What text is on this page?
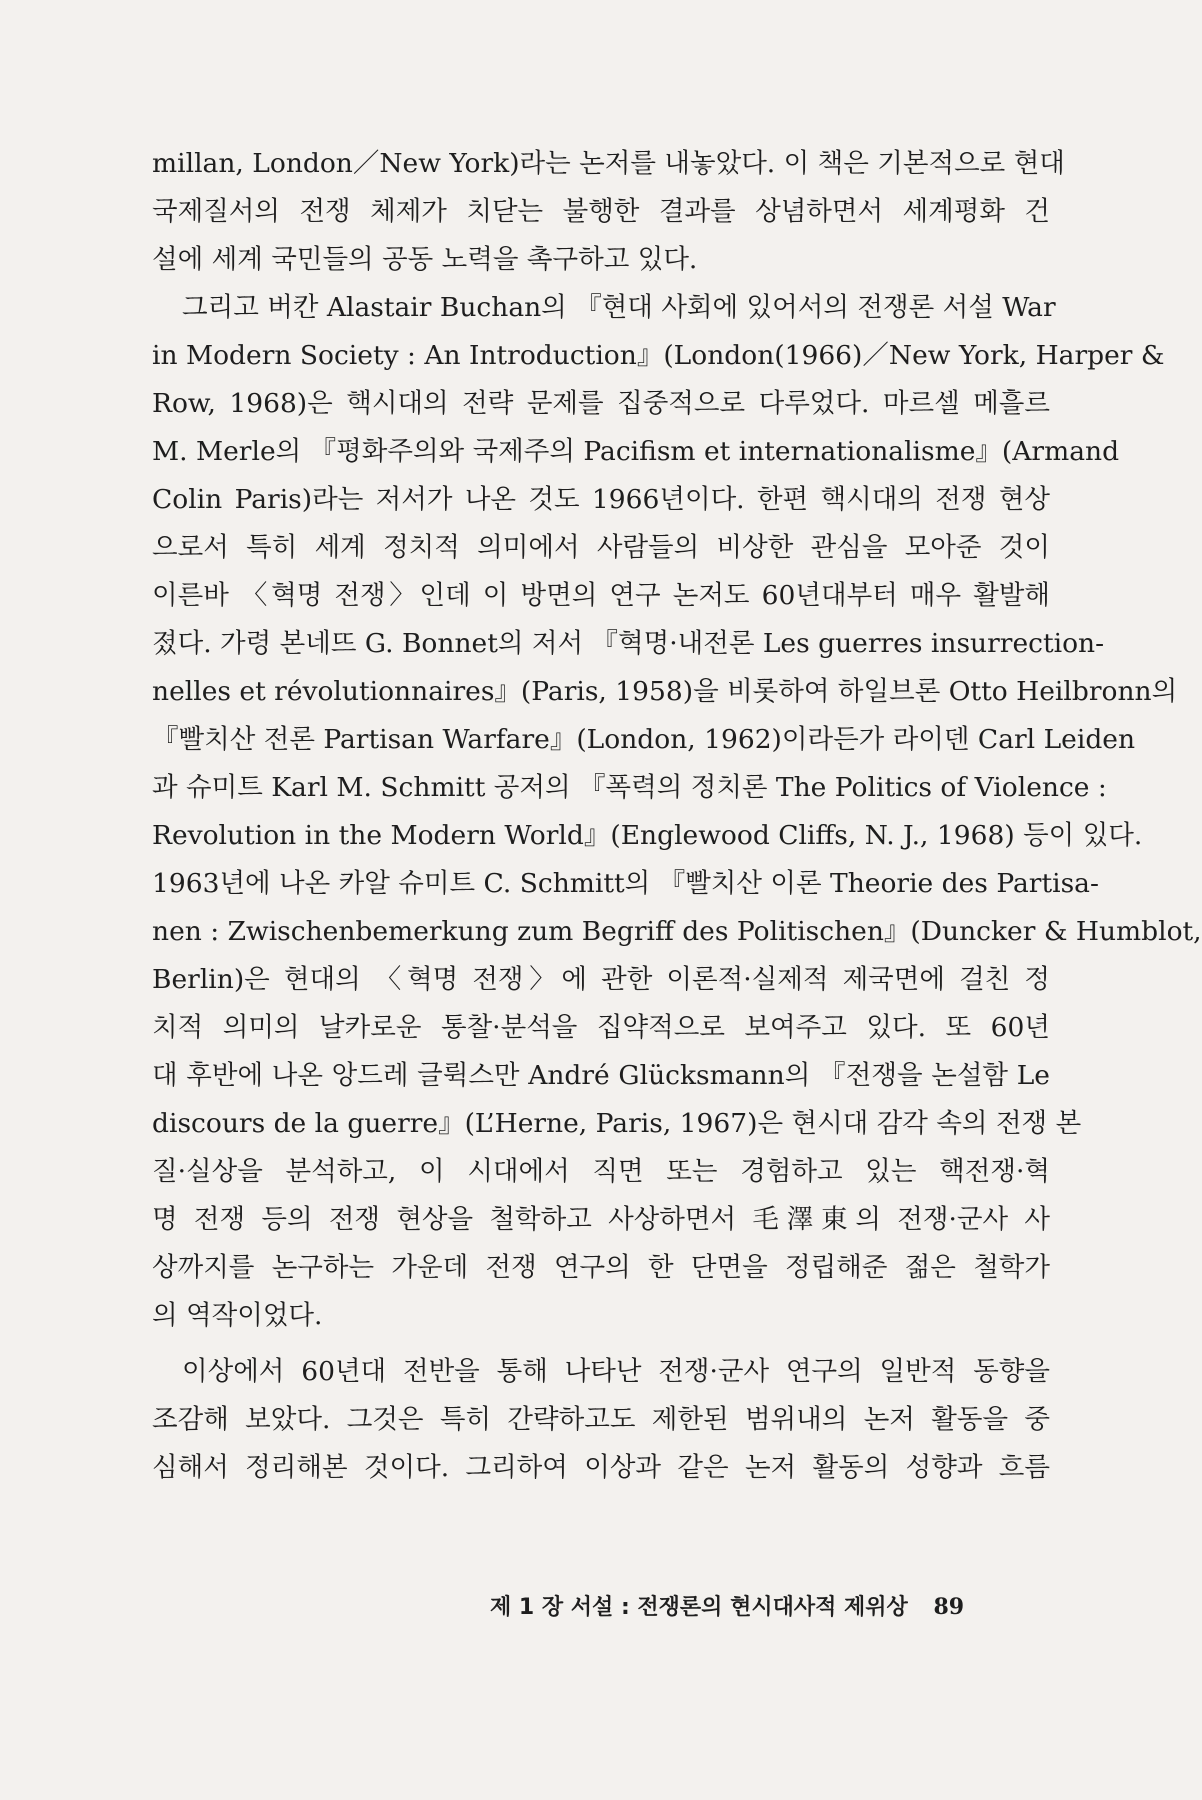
millan, London／New York)라는 논저를 내놓았다. 이 책은 기본적으로 현대
국제질서의 전쟁 체제가 치닫는 불행한 결과를 상념하면서 세계평화 건
설에 세계 국민들의 공동 노력을 촉구하고 있다.
그리고 버칸 Alastair Buchan의 『현대 사회에 있어서의 전쟁론 서설 War
in Modern Society : An Introduction』(London(1966)／New York, Harper &
Row, 1968)은 핵시대의 전략 문제를 집중적으로 다루었다. 마르셀 메흘르
M. Merle의 『평화주의와 국제주의 Pacifism et internationalisme』(Armand
Colin Paris)라는 저서가 나온 것도 1966년이다. 한편 핵시대의 전쟁 현상
으로서 특히 세계 정치적 의미에서 사람들의 비상한 관심을 모아준 것이
이른바 〈혁명 전쟁〉인데 이 방면의 연구 논저도 60년대부터 매우 활발해
졌다. 가령 본네뜨 G. Bonnet의 저서 『혁명·내전론 Les guerres insurrection-
nelles et révolutionnaires』(Paris, 1958)을 비롯하여 하일브론 Otto Heilbronn의
『빨치산 전론 Partisan Warfare』(London, 1962)이라든가 라이덴 Carl Leiden
과 슈미트 Karl M. Schmitt 공저의 『폭력의 정치론 The Politics of Violence :
Revolution in the Modern World』(Englewood Cliffs, N. J., 1968) 등이 있다.
1963년에 나온 카알 슈미트 C. Schmitt의 『빨치산 이론 Theorie des Partisa-
nen : Zwischenbemerkung zum Begriff des Politischen』(Duncker & Humblot,
Berlin)은 현대의 〈혁명 전쟁〉에 관한 이론적·실제적 제국면에 걸친 정
치적 의미의 날카로운 통찰·분석을 집약적으로 보여주고 있다. 또 60년
대 후반에 나온 앙드레 글뤽스만 André Glücksmann의 『전쟁을 논설함 Le
discours de la guerre』(L’Herne, Paris, 1967)은 현시대 감각 속의 전쟁 본
질·실상을 분석하고, 이 시대에서 직면 또는 경험하고 있는 핵전쟁·혁
명 전쟁 등의 전쟁 현상을 철학하고 사상하면서 毛澤東의 전쟁·군사 사
상까지를 논구하는 가운데 전쟁 연구의 한 단면을 정립해준 젊은 철학가
의 역작이었다.
이상에서 60년대 전반을 통해 나타난 전쟁·군사 연구의 일반적 동향을
조감해 보았다. 그것은 특히 간략하고도 제한된 범위내의 논저 활동을 중
심해서 정리해본 것이다. 그리하여 이상과 같은 논저 활동의 성향과 흐름
제 1 장 서설 : 전쟁론의 현시대사적 제위상 89
